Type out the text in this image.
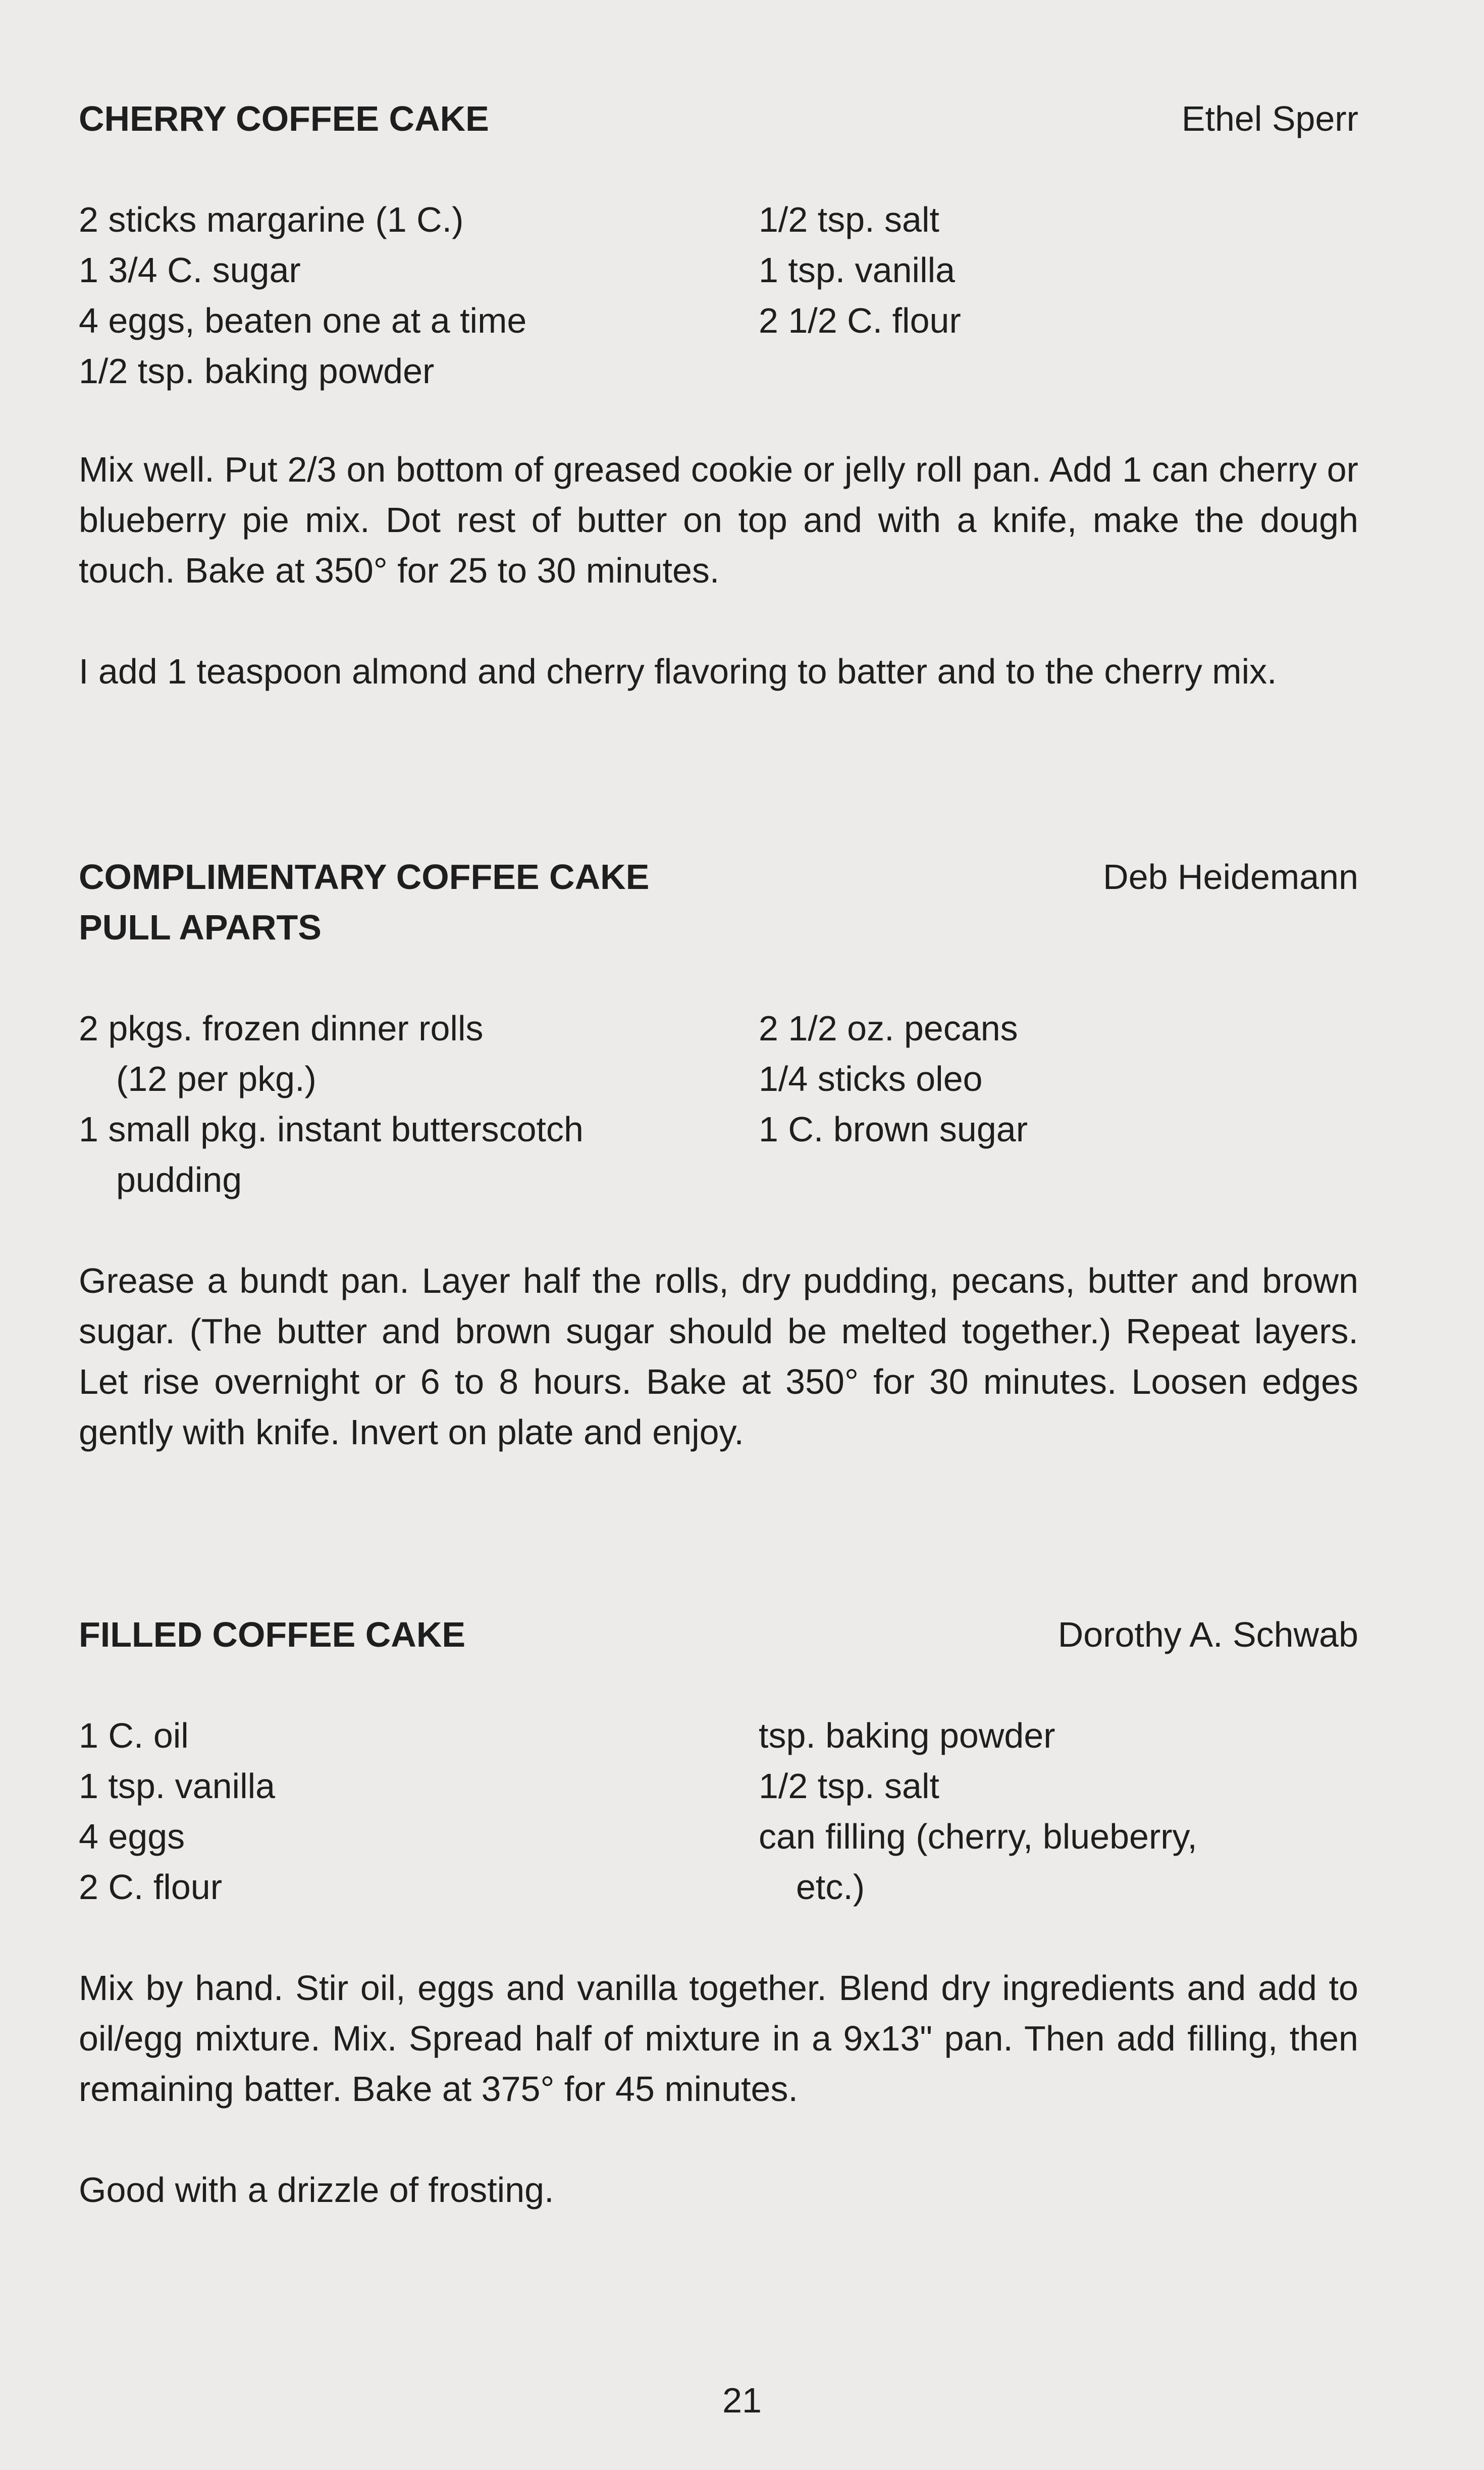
CHERRY COFFEE CAKE	Ethel Sperr

2 sticks margarine (1 C.)

1 3/4 C. sugar

4 eggs, beaten one at a time

1/2 tsp. baking powder

1/2 tsp. salt

1 tsp. vanilla

2 1/2 C. flour

Mix well. Put 2/3 on bottom of greased cookie or jelly roll pan. Add 1 can cherry or blueberry pie mix. Dot rest of butter on top and with a knife, make the dough touch. Bake at 350° for 25 to 30 minutes.

I add 1 teaspoon almond and cherry flavoring to batter and to the cherry mix.

COMPLIMENTARY COFFEE CAKE
PULL APARTS
Deb Heidemann

2 pkgs. frozen dinner rolls

(12 per pkg.)

1 small pkg. instant butterscotch

pudding

2 1/2 oz. pecans

1/4 sticks oleo

1 C. brown sugar

Grease a bundt pan. Layer half the rolls, dry pudding, pecans, butter and brown sugar. (The butter and brown sugar should be melted together.) Repeat layers. Let rise overnight or 6 to 8 hours. Bake at 350° for 30 minutes. Loosen edges gently with knife. Invert on plate and enjoy.

FILLED COFFEE CAKE	Dorothy A. Schwab

1 C. oil

1 tsp. vanilla

4 eggs

2 C. flour

tsp. baking powder

1/2 tsp. salt

can filling (cherry, blueberry,

etc.)

Mix by hand. Stir oil, eggs and vanilla together. Blend dry ingredients and add to oil/egg mixture. Mix. Spread half of mixture in a 9x13" pan. Then add filling, then remaining batter. Bake at 375° for 45 minutes.

Good with a drizzle of frosting.

21
